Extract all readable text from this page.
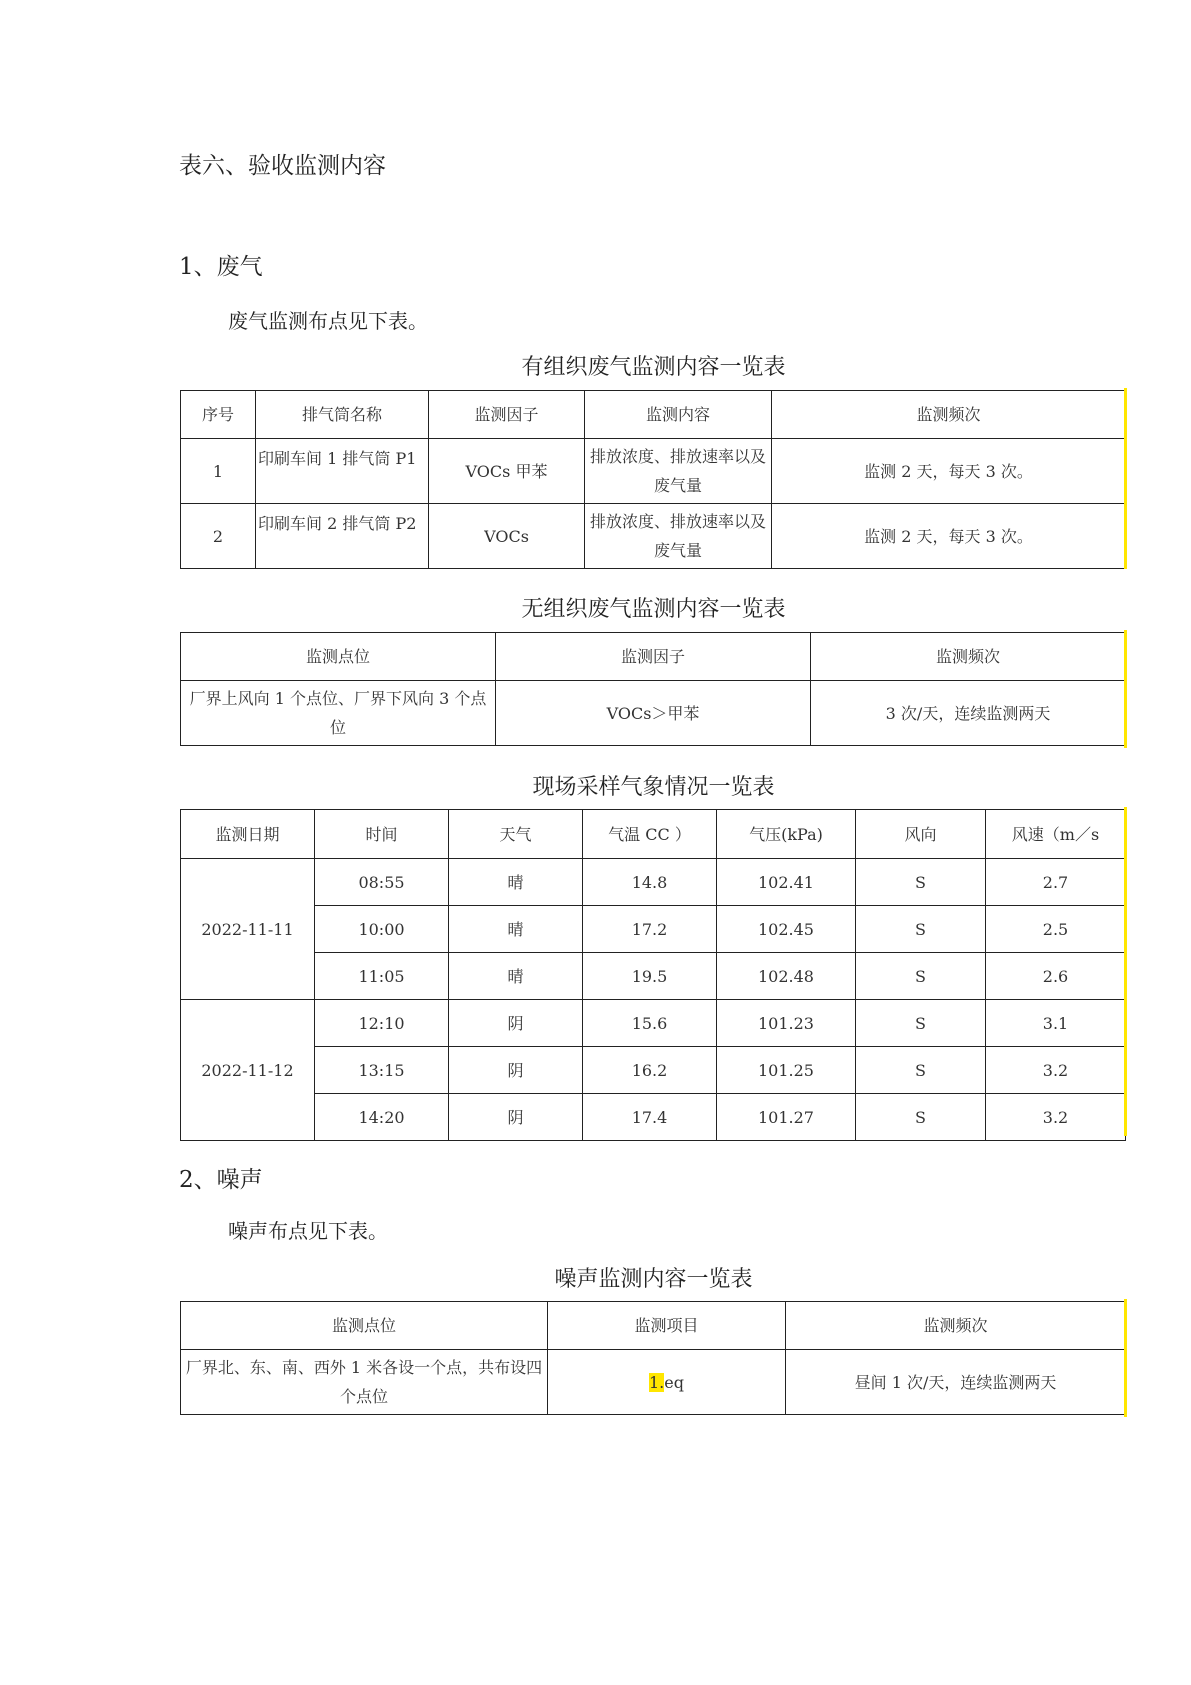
表六、验收监测内容
1、废气
废气监测布点见下表。
有组织废气监测内容一览表
序号	排气筒名称	监测因子	监测内容	监测频次
1	印刷车间 1 排气筒 P1	VOCs 甲苯	排放浓度、排放速率以及废气量	监测 2 天，每天 3 次。
2	印刷车间 2 排气筒 P2	VOCs	排放浓度、排放速率以及废气量	监测 2 天，每天 3 次。
无组织废气监测内容一览表
监测点位	监测因子	监测频次
厂界上风向 1 个点位、厂界下风向 3 个点位	VOCs＞甲苯	3 次/天，连续监测两天
现场采样气象情况一览表
监测日期	时间	天气	气温 CC ）	气压(kPa)	风向	风速（m／s
2022-11-11	08:55	晴	14.8	102.41	S	2.7
	10:00	晴	17.2	102.45	S	2.5
	11:05	晴	19.5	102.48	S	2.6
2022-11-12	12:10	阴	15.6	101.23	S	3.1
	13:15	阴	16.2	101.25	S	3.2
	14:20	阴	17.4	101.27	S	3.2
2、噪声
噪声布点见下表。
噪声监测内容一览表
监测点位	监测项目	监测频次
厂界北、东、南、西外 1 米各设一个点，共布设四个点位	1.eq	昼间 1 次/天，连续监测两天
